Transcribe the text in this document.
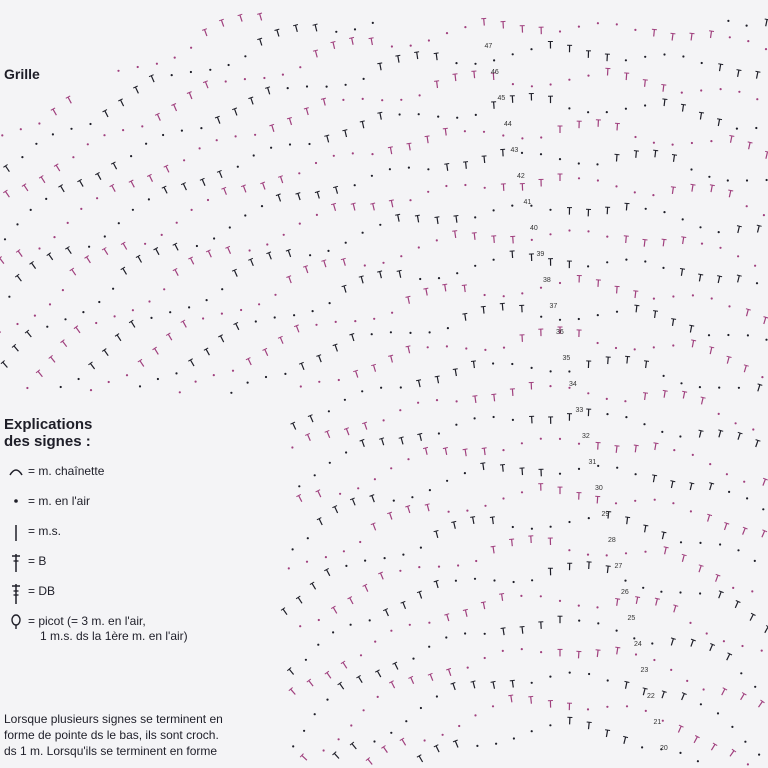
20
21
22
23
24
25
26
27
28
29
30
31
32
33
34
35
36
37
38
39
40
41
42
43
44
45
46
47
Grille
Explications
des signes :
= m. chaînette
= m. en l'air
= m.s.
= B
= DB
= picot (= 3 m. en l'air,
1 m.s. ds la 1ère m. en l'air)

Lorsque plusieurs signes se terminent en
forme de pointe ds le bas, ils sont croch.
ds 1 m. Lorsqu'ils se terminent en forme
